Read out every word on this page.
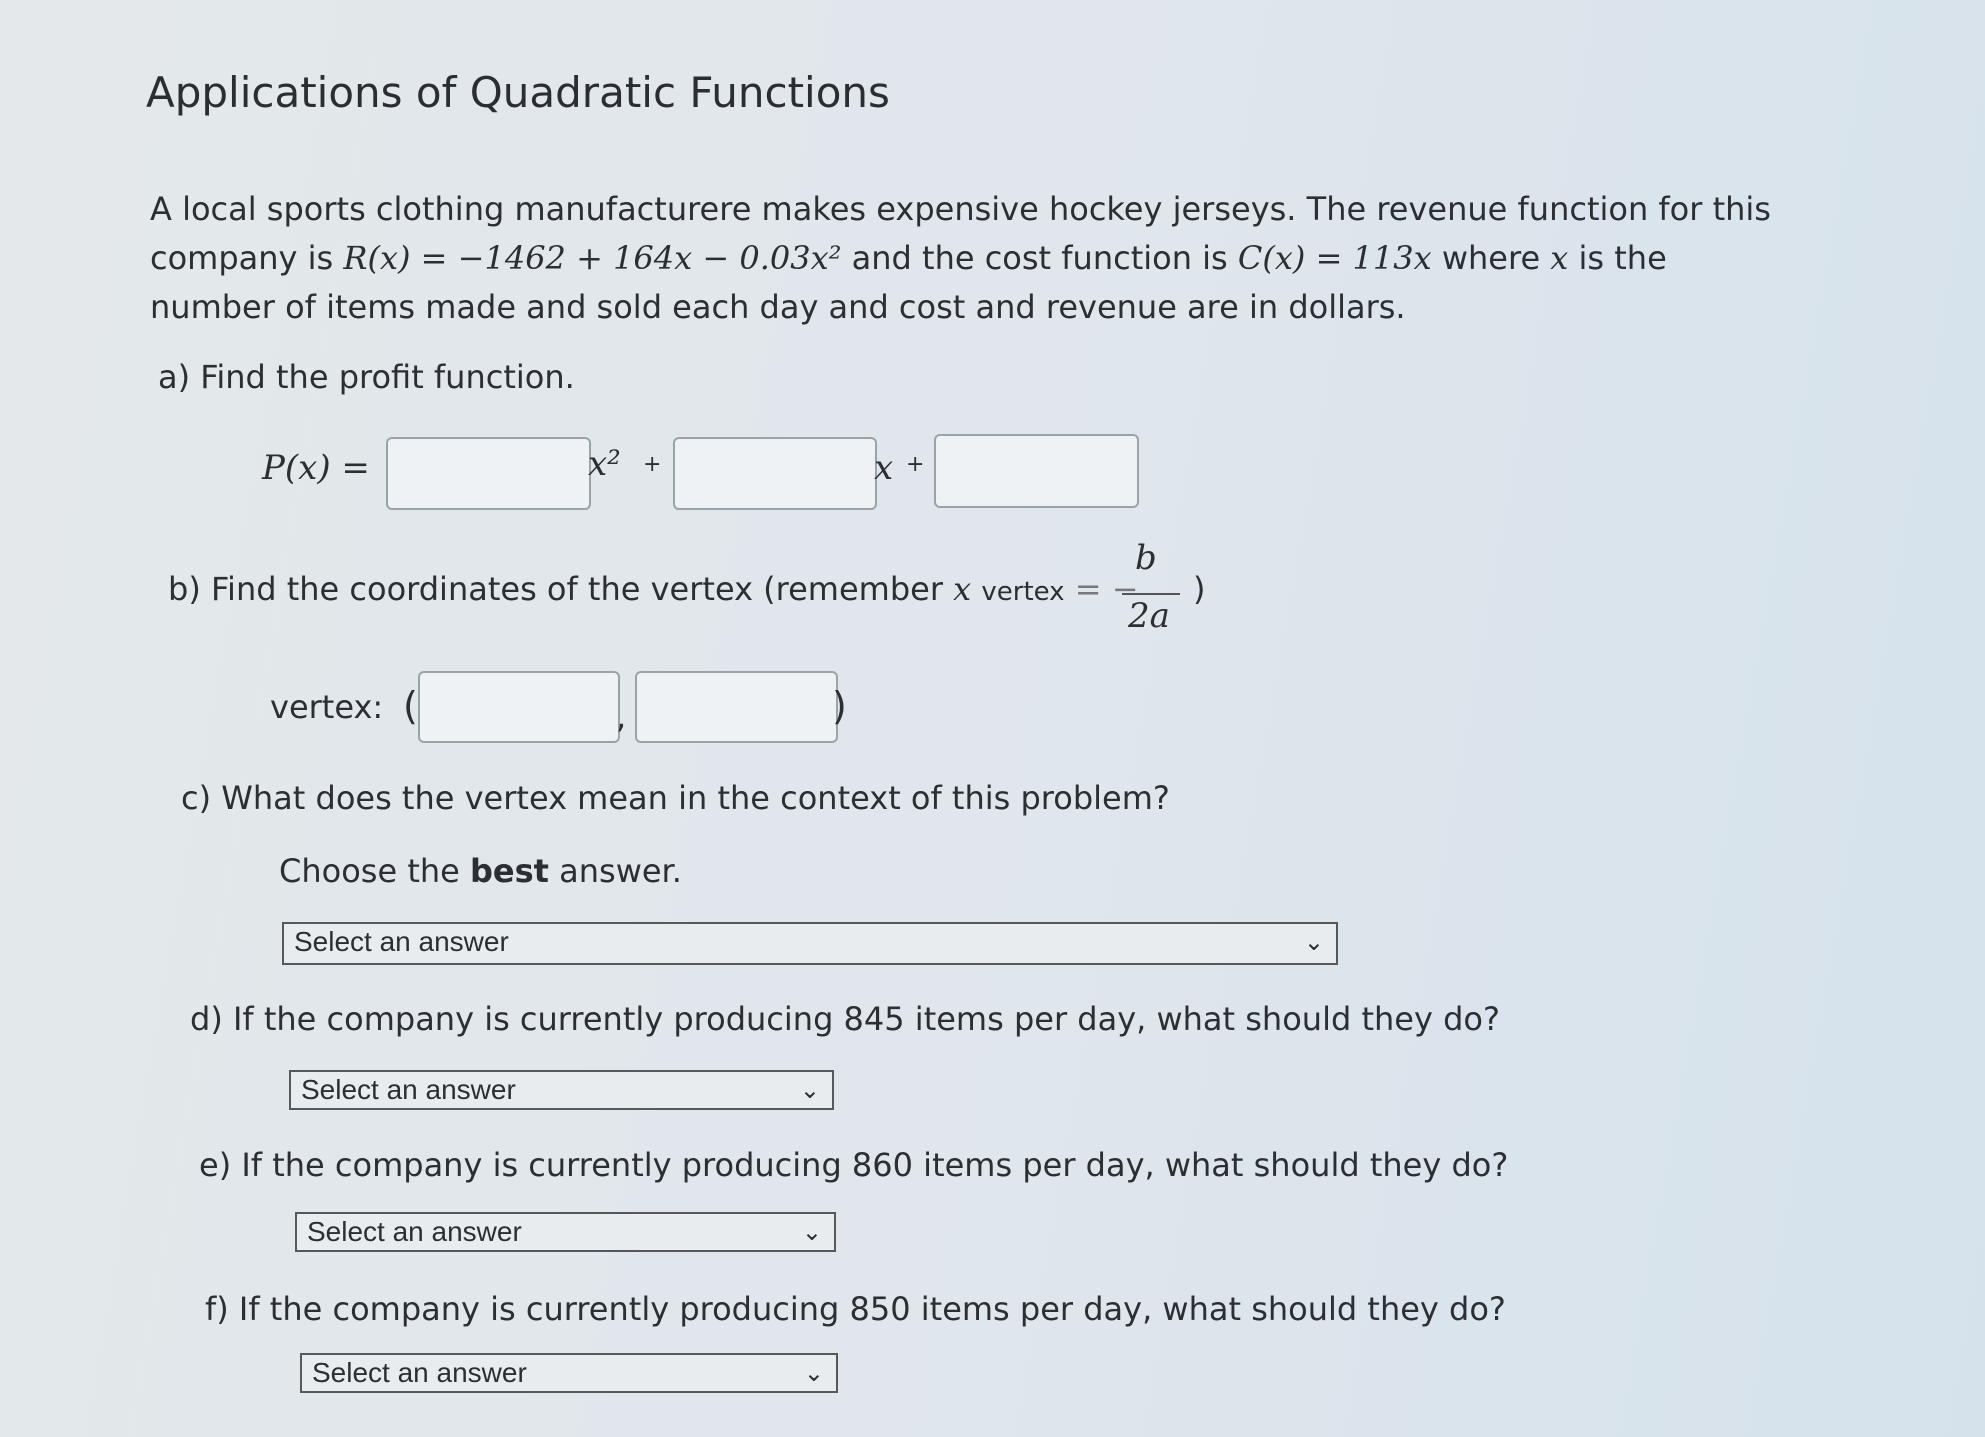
Applications of Quadratic Functions
A local sports clothing manufacturere makes expensive hockey jerseys. The revenue function for this company is R(x) = −1462 + 164x − 0.03x² and the cost function is C(x) = 113x where x is the number of items made and sold each day and cost and revenue are in dollars.
a) Find the profit function.
P(x) =	x² +	x +
b) Find the coordinates of the vertex (remember x vertex = −
b
2a
)
vertex: (	,	)
c) What does the vertex mean in the context of this problem?
Choose the best answer.
Select an answer	⌄
d) If the company is currently producing 845 items per day, what should they do?
Select an answer	⌄
e) If the company is currently producing 860 items per day, what should they do?
Select an answer	⌄
f) If the company is currently producing 850 items per day, what should they do?
Select an answer	⌄
